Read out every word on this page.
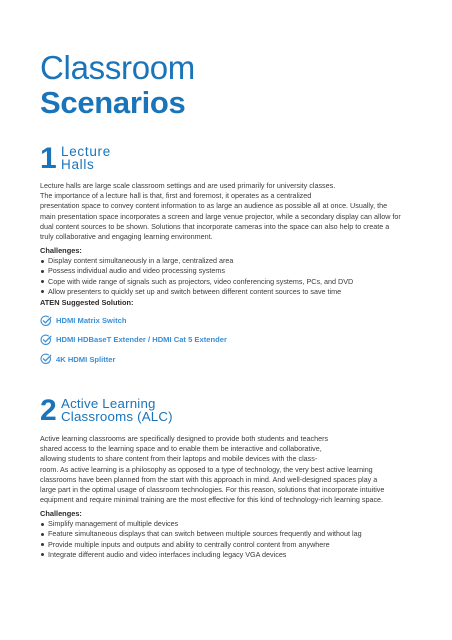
Classroom
Scenarios
1 Lecture
Halls
Lecture halls are large scale classroom settings and are used primarily for university classes.
The importance of a lecture hall is that, first and foremost, it operates as a centralized
presentation space to convey content information to as large an audience as possible all at once. Usually, the
main presentation space incorporates a screen and large venue projector, while a secondary display can allow for
dual content sources to be shown. Solutions that incorporate cameras into the space can also help to create a
truly collaborative and engaging learning environment.
Challenges:
Display content simultaneously in a large, centralized area
Possess individual audio and video processing systems
Cope with wide range of signals such as projectors, video conferencing systems, PCs, and DVD
Allow presenters to quickly set up and switch between different content sources to save time
ATEN Suggested Solution:
HDMI Matrix Switch
HDMI HDBaseT Extender / HDMI Cat 5 Extender
4K HDMI Splitter
2 Active Learning
Classrooms (ALC)
Active learning classrooms are specifically designed to provide both students and teachers
shared access to the learning space and to enable them be interactive and collaborative,
allowing students to share content from their laptops and mobile devices with the class-
room. As active learning is a philosophy as opposed to a type of technology, the very best active learning
classrooms have been planned from the start with this approach in mind. And well-designed spaces play a
large part in the optimal usage of classroom technologies. For this reason, solutions that incorporate intuitive
equipment and require minimal training are the most effective for this kind of technology-rich learning space.
Challenges:
Simplify management of multiple devices
Feature simultaneous displays that can switch between multiple sources frequently and without lag
Provide multiple inputs and outputs and ability to centrally control content from anywhere
Integrate different audio and video interfaces including legacy VGA devices
